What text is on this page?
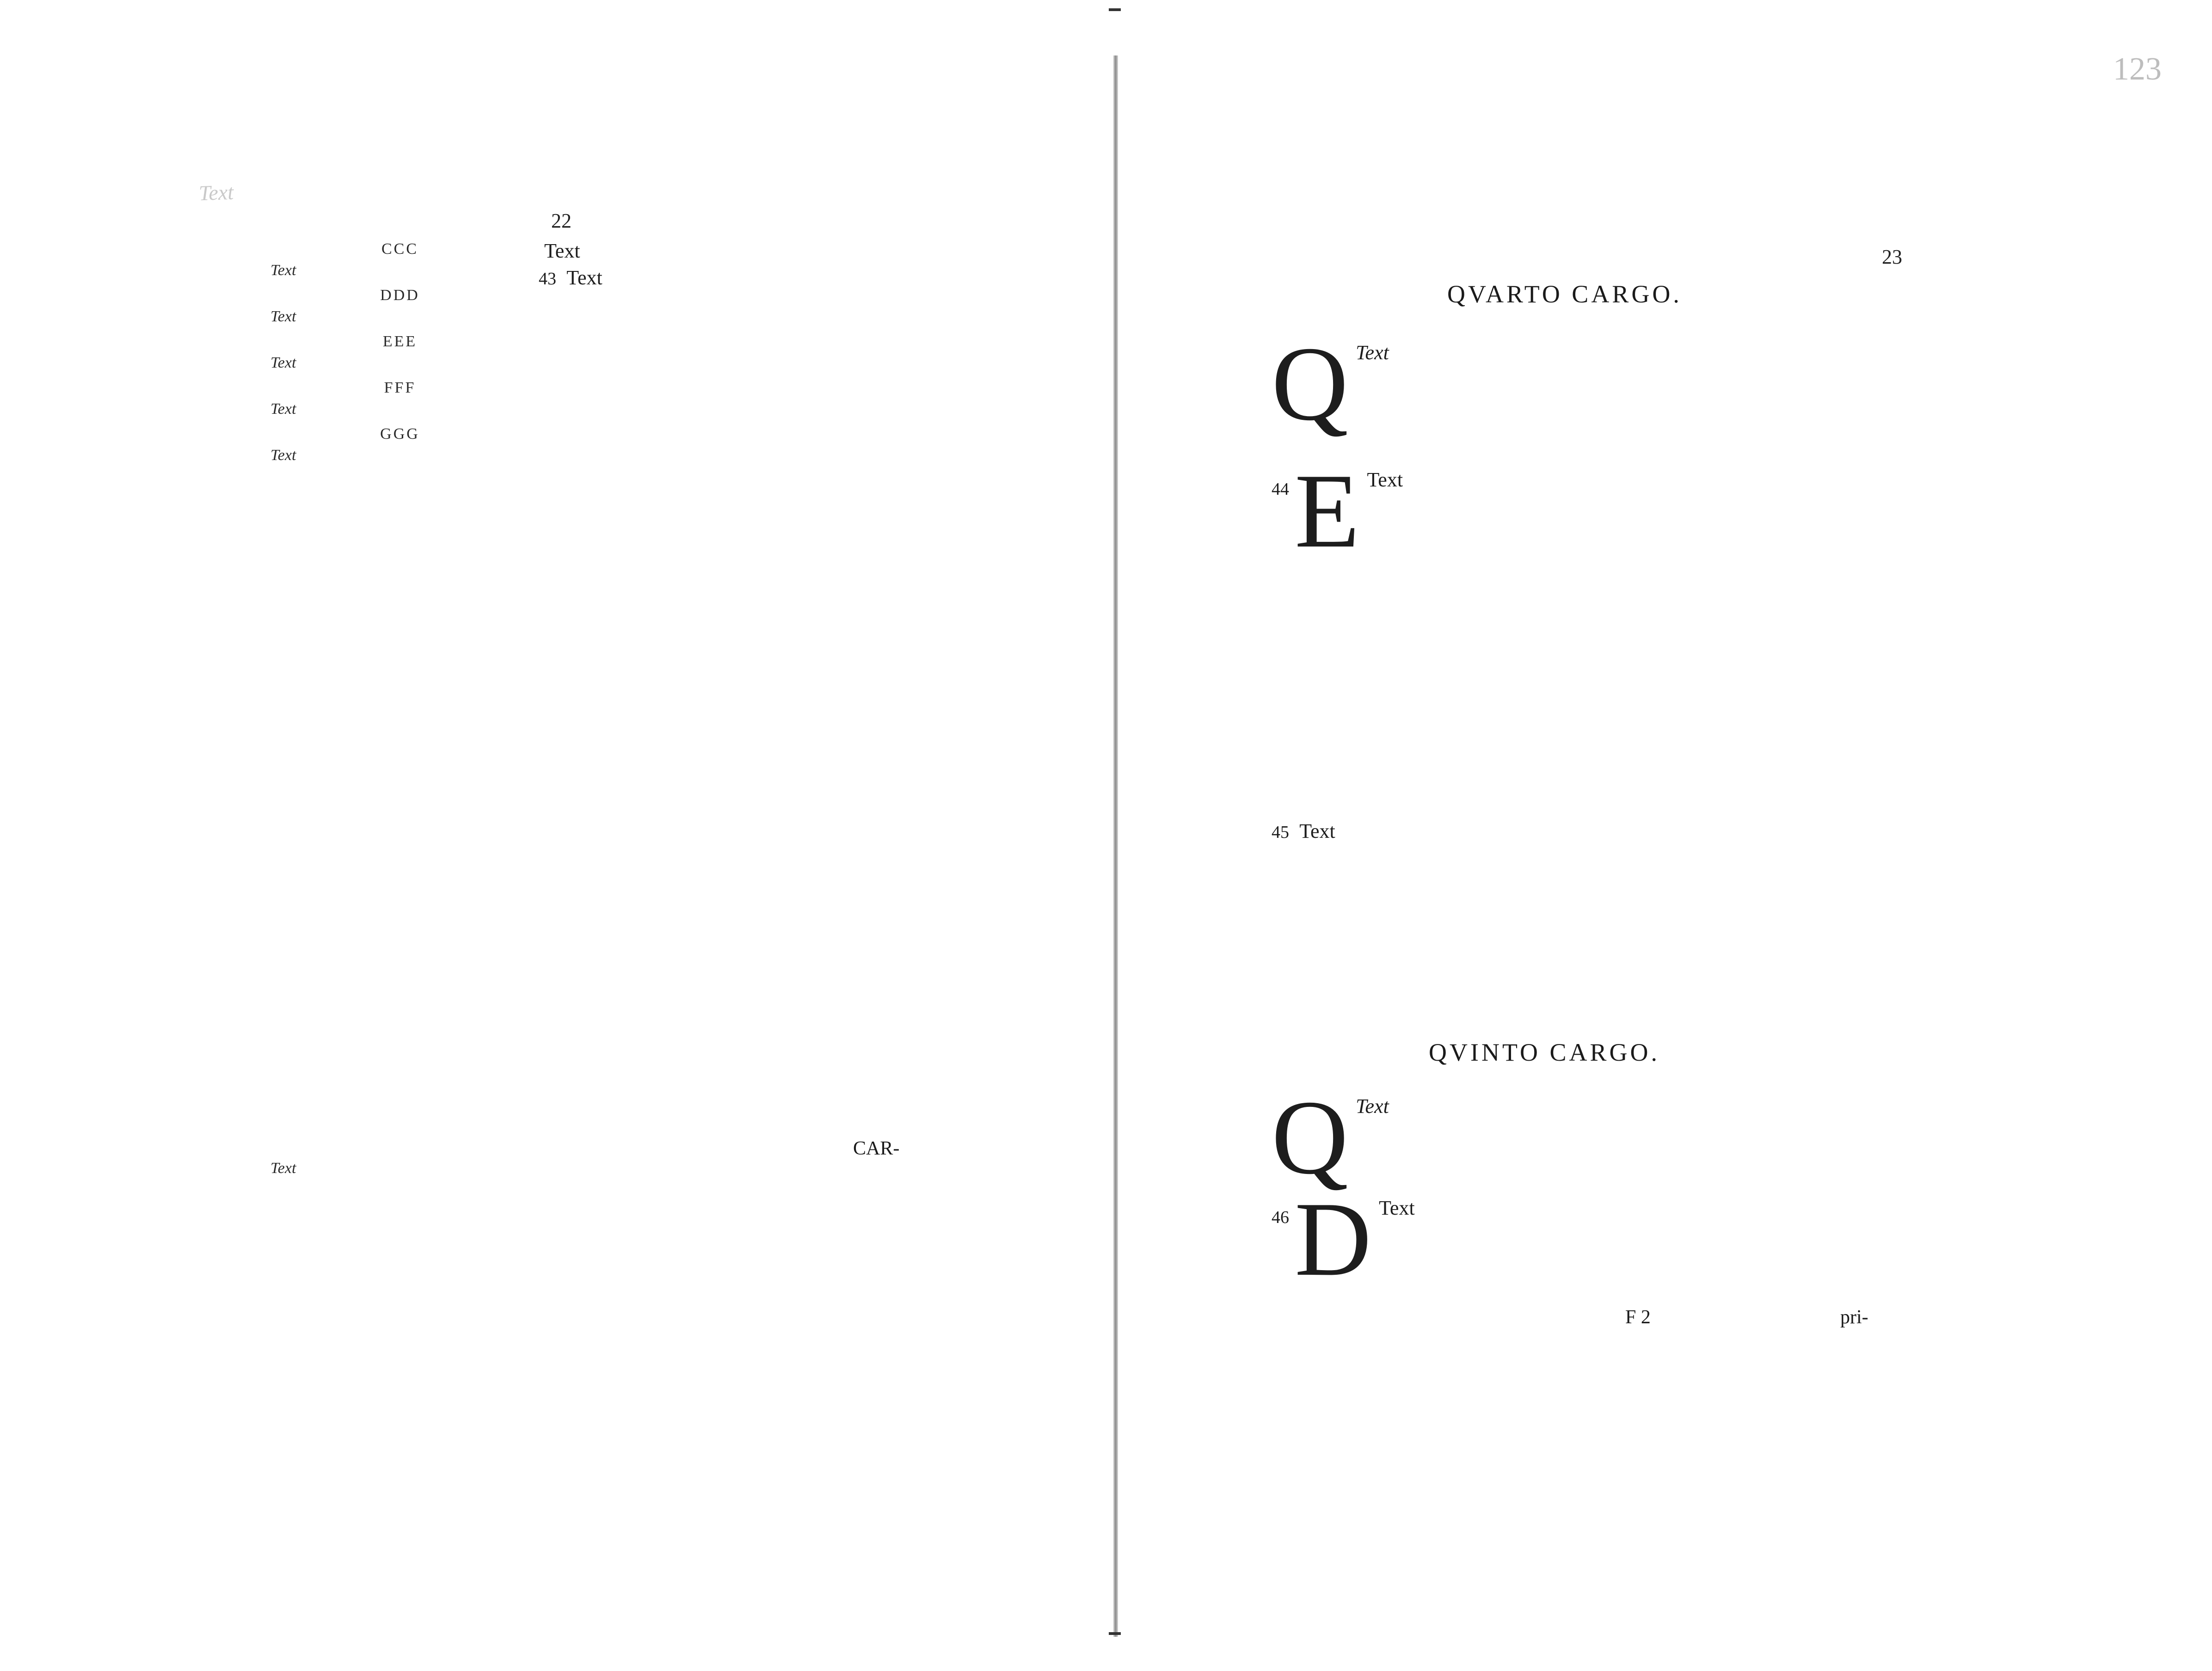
Text
22
CCC

Text

DDD

Text

EEE

Text

FFF

Text

GGG

Text

Text

43 Text

CAR-

Text

123
23
QVARTO CARGO.
Q Text
44 E Text
45 Text
QVINTO CARGO.
Q Text
46 D Text
F 2	pri-
